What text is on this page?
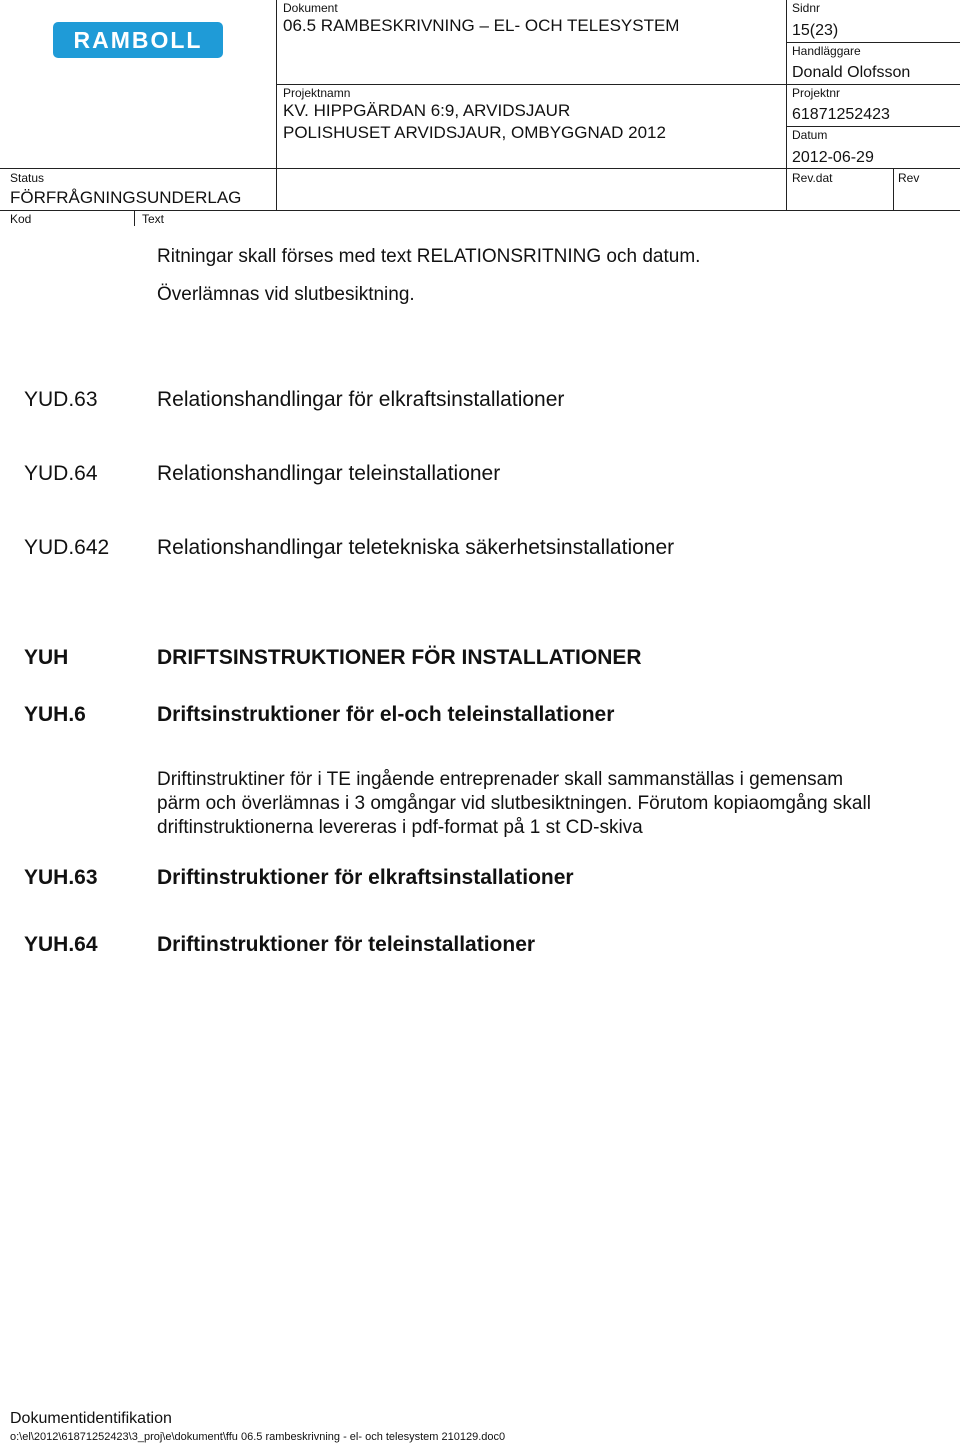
RAMBOLL
Dokument
06.5 RAMBESKRIVNING – EL- OCH TELESYSTEM
Projektnamn
KV. HIPPGÄRDAN 6:9, ARVIDSJAUR
POLISHUSET ARVIDSJAUR, OMBYGGNAD 2012
Sidnr
15(23)
Handläggare
Donald Olofsson
Projektnr
61871252423
Datum
2012-06-29
Rev.dat	Rev
Status
FÖRFRÅGNINGSUNDERLAG
Kod	Text
Ritningar skall förses med text RELATIONSRITNING och datum.
Överlämnas vid slutbesiktning.
YUD.63	Relationshandlingar för elkraftsinstallationer
YUD.64	Relationshandlingar teleinstallationer
YUD.642 Relationshandlingar teletekniska säkerhetsinstallationer
YUH	DRIFTSINSTRUKTIONER FÖR INSTALLATIONER
YUH.6	Driftsinstruktioner för el-och teleinstallationer
Driftinstruktiner för i TE ingående entreprenader skall sammanställas i gemensam
pärm och överlämnas i 3 omgångar vid slutbesiktningen. Förutom kopiaomgång skall
driftinstruktionerna levereras i pdf-format på 1 st CD-skiva
YUH.63	Driftinstruktioner för elkraftsinstallationer
YUH.64	Driftinstruktioner för teleinstallationer
Dokumentidentifikation
o:\el\2012\61871252423\3_proj\e\dokument\ffu 06.5 rambeskrivning - el- och telesystem 210129.doc0
